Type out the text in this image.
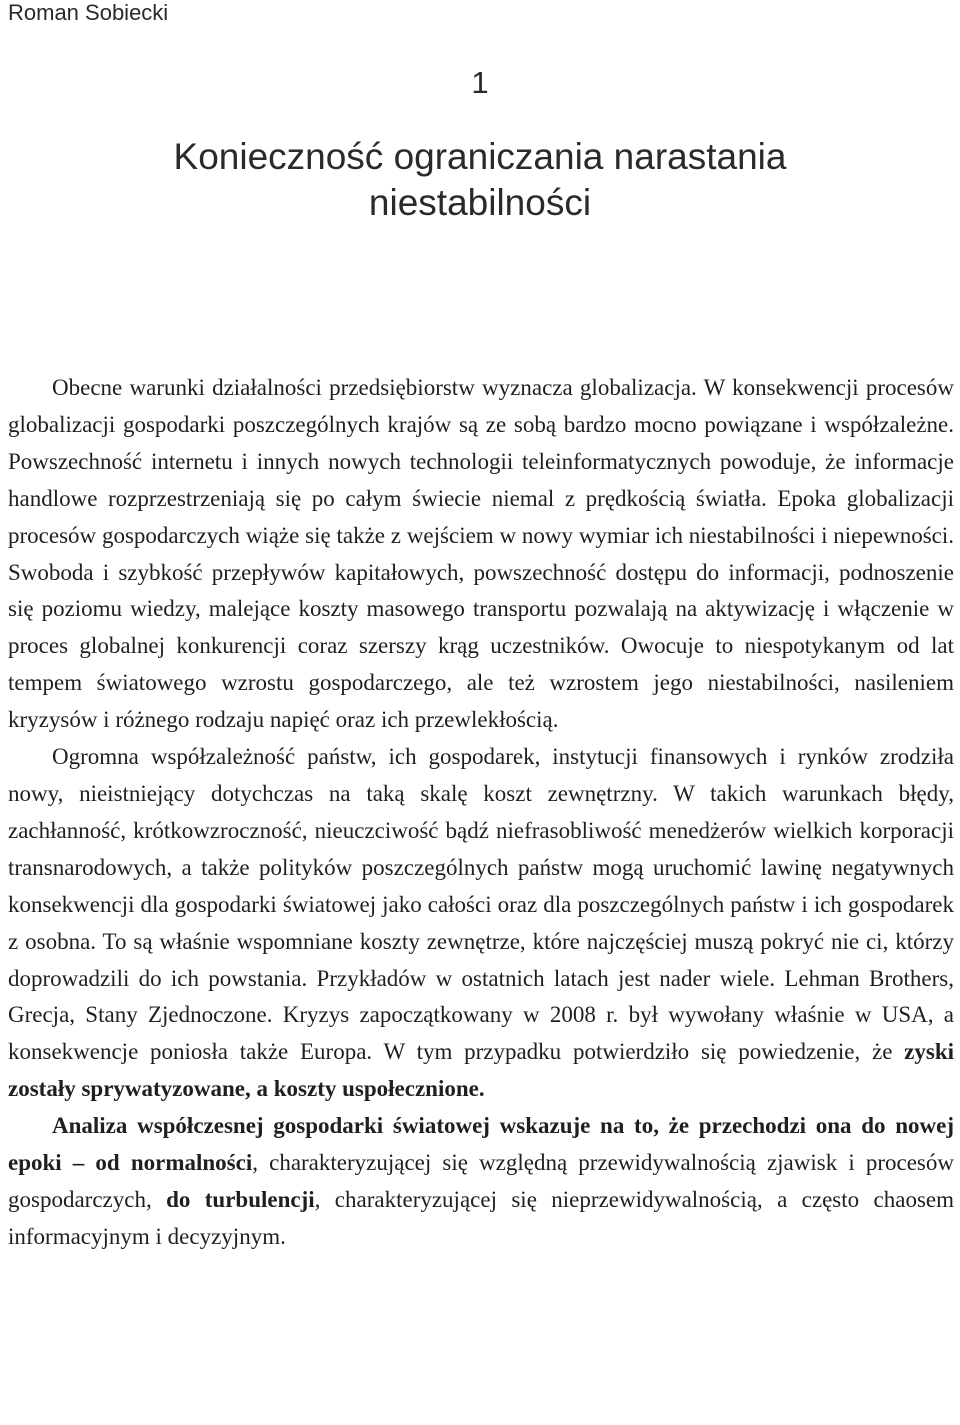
Roman Sobiecki
1
Konieczność ograniczania narastania
niestabilności

Obecne warunki działalności przedsiębiorstw wyznacza globalizacja. W konsekwencji procesów globalizacji gospodarki poszczególnych krajów są ze sobą bardzo mocno powiązane i współzależne. Powszechność internetu i innych nowych technologii teleinformatycznych powoduje, że informacje handlowe rozprzestrzeniają się po całym świecie niemal z prędkością światła. Epoka globalizacji procesów gospodarczych wiąże się także z wejściem w nowy wymiar ich niestabilności i niepewności. Swoboda i szybkość przepływów kapitałowych, powszechność dostępu do informacji, podnoszenie się poziomu wiedzy, malejące koszty masowego transportu pozwalają na aktywizację i włączenie w proces globalnej konkurencji coraz szerszy krąg uczestników. Owocuje to niespotykanym od lat tempem światowego wzrostu gospodarczego, ale też wzrostem jego niestabilności, nasileniem kryzysów i różnego rodzaju napięć oraz ich przewlekłością.

Ogromna współzależność państw, ich gospodarek, instytucji finansowych i rynków zrodziła nowy, nieistniejący dotychczas na taką skalę koszt zewnętrzny. W takich warunkach błędy, zachłanność, krótkowzroczność, nieuczciwość bądź niefrasobliwość menedżerów wielkich korporacji transnarodowych, a także polityków poszczególnych państw mogą uruchomić lawinę negatywnych konsekwencji dla gospodarki światowej jako całości oraz dla poszczególnych państw i ich gospodarek z osobna. To są właśnie wspomniane koszty zewnętrze, które najczęściej muszą pokryć nie ci, którzy doprowadzili do ich powstania. Przykładów w ostatnich latach jest nader wiele. Lehman Brothers, Grecja, Stany Zjednoczone. Kryzys zapoczątkowany w 2008 r. był wywołany właśnie w USA, a konsekwencje poniosła także Europa. W tym przypadku potwierdziło się powiedzenie, że zyski zostały sprywatyzowane, a koszty uspołecznione.

Analiza współczesnej gospodarki światowej wskazuje na to, że przechodzi ona do nowej epoki – od normalności, charakteryzującej się względną przewidywalnością zjawisk i procesów gospodarczych, do turbulencji, charakteryzującej się nieprzewidywalnością, a często chaosem informacyjnym i decyzyjnym.
